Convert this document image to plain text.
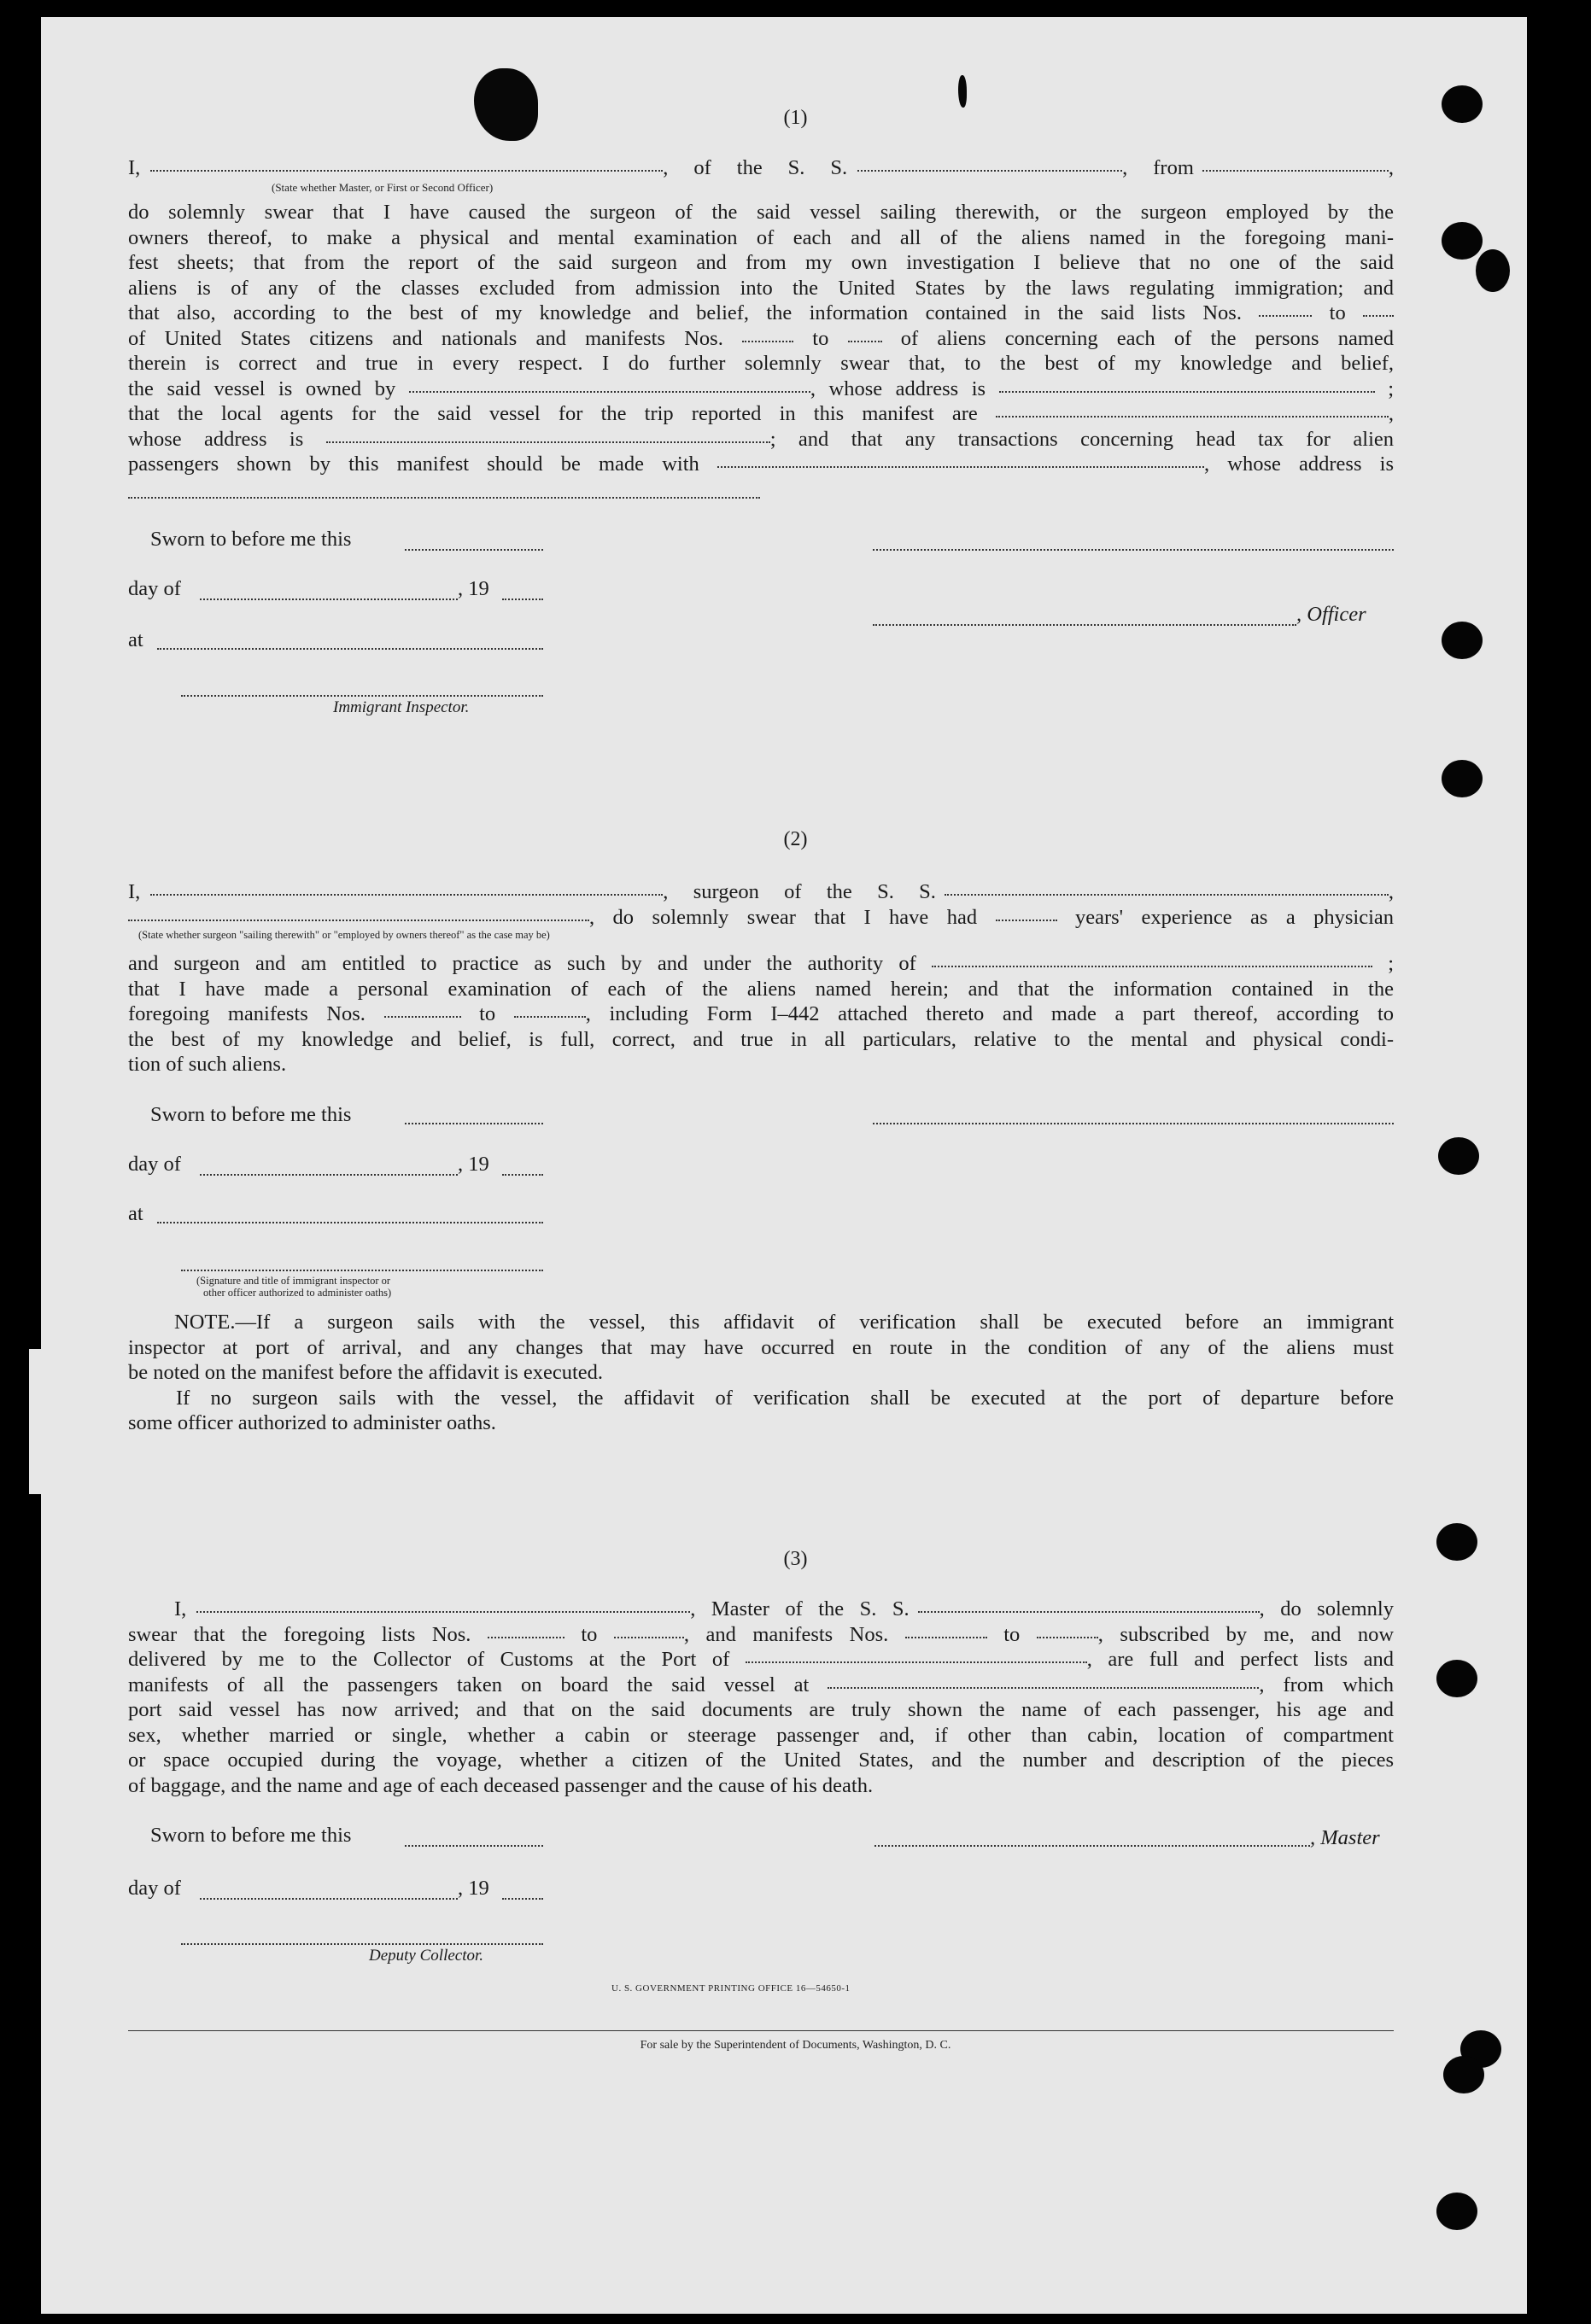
(1)
I,	, of the S. S.	, from	,
(State whether Master, or First or Second Officer)
do solemnly swear that I have caused the surgeon of the said vessel sailing therewith, or the surgeon employed by the
owners thereof, to make a physical and mental examination of each and all of the aliens named in the foregoing mani-
fest sheets; that from the report of the said surgeon and from my own investigation I believe that no one of the said
aliens is of any of the classes excluded from admission into the United States by the laws regulating immigration; and
that also, according to the best of my knowledge and belief, the information contained in the said lists Nos.	to
of United States citizens and nationals and manifests Nos.	to	of aliens concerning each of the persons named
therein is correct and true in every respect. I do further solemnly swear that, to the best of my knowledge and belief,
the said vessel is owned by	, whose address is	;
that the local agents for the said vessel for the trip reported in this manifest are	,
whose address is	; and that any transactions concerning head tax for alien
passengers shown by this manifest should be made with	, whose address is
Sworn to before me this
day of	, 19
, Officer
at
Immigrant Inspector.
(2)
I,	, surgeon of the S. S.	,
, do solemnly swear that I have had	years' experience as a physician
(State whether surgeon "sailing therewith" or "employed by owners thereof" as the case may be)
and surgeon and am entitled to practice as such by and under the authority of	;
that I have made a personal examination of each of the aliens named herein; and that the information contained in the
foregoing manifests Nos.	to	, including Form I–442 attached thereto and made a part thereof, according to
the best of my knowledge and belief, is full, correct, and true in all particulars, relative to the mental and physical condi-
tion of such aliens.
Sworn to before me this
day of	, 19
at
(Signature and title of immigrant inspector or
other officer authorized to administer oaths)
NOTE.—If a surgeon sails with the vessel, this affidavit of verification shall be executed before an immigrant
inspector at port of arrival, and any changes that may have occurred en route in the condition of any of the aliens must
be noted on the manifest before the affidavit is executed.
If no surgeon sails with the vessel, the affidavit of verification shall be executed at the port of departure before
some officer authorized to administer oaths.
(3)
I,	, Master of the S. S.	, do solemnly
swear that the foregoing lists Nos.	to	, and manifests Nos.	to	, subscribed by me, and now
delivered by me to the Collector of Customs at the Port of	, are full and perfect lists and
manifests of all the passengers taken on board the said vessel at	, from which
port said vessel has now arrived; and that on the said documents are truly shown the name of each passenger, his age and
sex, whether married or single, whether a cabin or steerage passenger and, if other than cabin, location of compartment
or space occupied during the voyage, whether a citizen of the United States, and the number and description of the pieces
of baggage, and the name and age of each deceased passenger and the cause of his death.
Sworn to before me this	, Master
day of	, 19
Deputy Collector.
U. S. GOVERNMENT PRINTING OFFICE 16—54650-1
For sale by the Superintendent of Documents, Washington, D. C.
